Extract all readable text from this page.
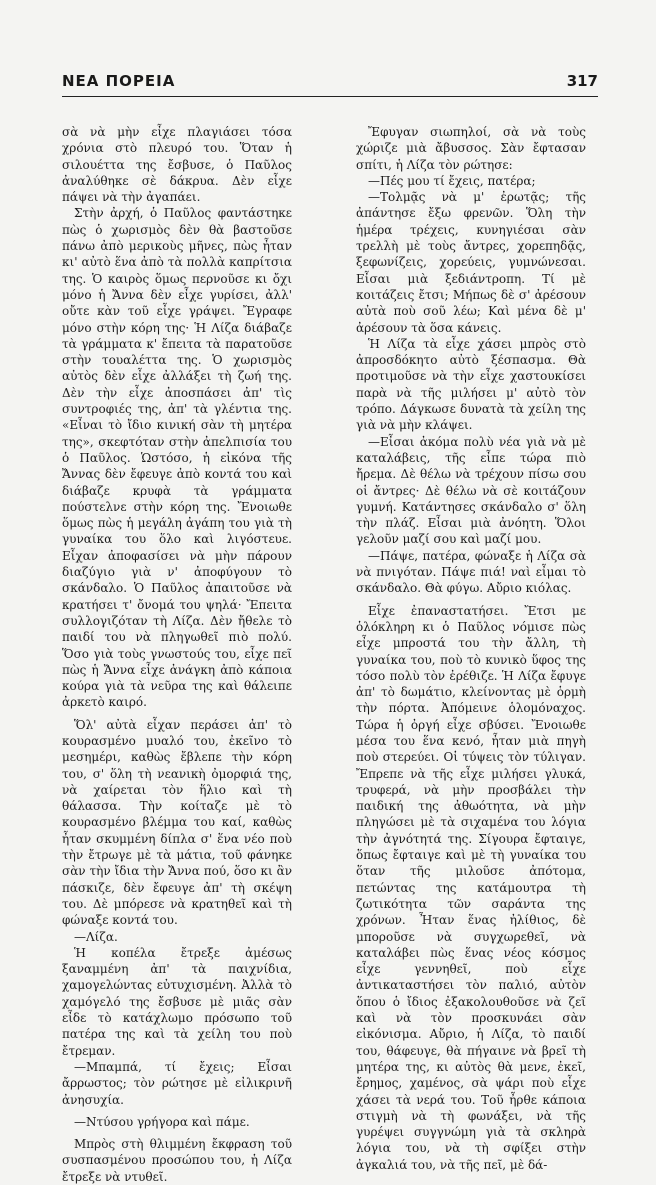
ΝΕΑ ΠΟΡΕΙΑ	317

σὰ νὰ μὴν εἶχε πλαγιάσει τόσα χρόνια στὸ πλευρό του. Ὅταν ἡ σιλουέττα της ἔσβυσε, ὁ Παῦλος ἀναλύθηκε σὲ δάκρυα. Δὲν εἶχε πάψει νὰ τὴν ἀγαπάει.

Στὴν ἀρχή, ὁ Παῦλος φαντάστηκε πὼς ὁ χωρισμὸς δὲν θὰ βαστοῦσε πάνω ἀπὸ μερικοὺς μῆνες, πὼς ἦταν κι' αὐτὸ ἕνα ἀπὸ τὰ πολλὰ καπρίτσια της. Ὁ καιρὸς ὅμως περνοῦσε κι ὄχι μόνο ἡ Ἄννα δὲν εἶχε γυρίσει, ἀλλ' οὔτε κὰν τοῦ εἶχε γράψει. Ἔγραφε μόνο στὴν κόρη της· Ἡ Λίζα διάβαζε τὰ γράμματα κ' ἔπειτα τὰ παρατοῦσε στὴν τουαλέττα της. Ὁ χωρισμὸς αὐτὸς δὲν εἶχε ἀλλάξει τὴ ζωή της. Δὲν τὴν εἶχε ἀποσπάσει ἀπ' τὶς συντροφιές της, ἀπ' τὰ γλέντια της. «Εἶναι τὸ ἴδιο κινική σὰν τὴ μητέρα της», σκεφτόταν στὴν ἀπελπισία του ὁ Παῦλος. Ὡστόσο, ἡ εἰκόνα τῆς Ἄννας δὲν ἔφευγε ἀπὸ κοντά του καὶ διάβαζε κρυφὰ τὰ γράμματα πούστελνε στὴν κόρη της. Ἔνοιωθε ὅμως πὼς ἡ μεγάλη ἀγάπη του γιὰ τὴ γυναίκα του ὅλο καὶ λιγόστευε. Εἶχαν ἀποφασίσει νὰ μὴν πάρουν διαζύγιο γιὰ ν' ἀποφύγουν τὸ σκάνδαλο. Ὁ Παῦλος ἀπαιτοῦσε νὰ κρατήσει τ' ὄνομά του ψηλά· Ἔπειτα συλλογιζόταν τὴ Λίζα. Δὲν ἤθελε τὸ παιδί του νὰ πληγωθεῖ πιὸ πολύ. Ὅσο γιὰ τοὺς γνωστούς του, εἶχε πεῖ πὼς ἡ Ἄννα εἶχε ἀνάγκη ἀπὸ κάποια κούρα γιὰ τὰ νεῦρα της καὶ θάλειπε ἀρκετὸ καιρό.

Ὅλ' αὐτὰ εἶχαν περάσει ἀπ' τὸ κουρασμένο μυαλό του, ἐκεῖνο τὸ μεσημέρι, καθὼς ἔβλεπε τὴν κόρη του, σ' ὅλη τὴ νεανικὴ ὀμορφιά της, νὰ χαίρεται τὸν ἥλιο καὶ τὴ θάλασσα. Τὴν κοίταζε μὲ τὸ κουρασμένο βλέμμα του καί, καθὼς ἦταν σκυμμένη δίπλα σ' ἕνα νέο ποὺ τὴν ἔτρωγε μὲ τὰ μάτια, τοῦ φάνηκε σὰν τὴν ἴδια τὴν Ἄννα πού, ὅσο κι ἂν πάσκιζε, δὲν ἔφευγε ἀπ' τὴ σκέψη του. Δὲ μπόρεσε νὰ κρατηθεῖ καὶ τὴ φώναξε κοντά του.

—Λίζα.

Ἡ κοπέλα ἔτρεξε ἀμέσως ξαναμμένη ἀπ' τὰ παιχνίδια, χαμογελώντας εὐτυχισμένη. Ἀλλὰ τὸ χαμόγελό της ἔσβυσε μὲ μιᾶς σὰν εἶδε τὸ κατάχλωμο πρόσωπο τοῦ πατέρα της καὶ τὰ χείλη του ποὺ ἔτρεμαν.

—Μπαμπά, τί ἔχεις; Εἶσαι ἄρρωστος; τὸν ρώτησε μὲ εἰλικρινῆ ἀνησυχία.

—Ντύσου γρήγορα καὶ πάμε.

Μπρὸς στὴ θλιμμένη ἔκφραση τοῦ συσπασμένου προσώπου του, ἡ Λίζα ἔτρεξε νὰ ντυθεῖ.

Ἔφυγαν σιωπηλοί, σὰ νὰ τοὺς χώριζε μιὰ ἄβυσσος. Σὰν ἔφτασαν σπίτι, ἡ Λίζα τὸν ρώτησε:

—Πές μου τί ἔχεις, πατέρα;

—Τολμᾷς νὰ μ' ἐρωτᾷς; τῆς ἀπάντησε ἔξω φρενῶν. Ὅλη τὴν ἡμέρα τρέχεις, κυνηγιέσαι σὰν τρελλὴ μὲ τοὺς ἄντρες, χορεπηδᾷς, ξεφωνίζεις, χορεύεις, γυμνώνεσαι. Εἶσαι μιὰ ξεδιάντροπη. Τί μὲ κοιτάζεις ἔτσι; Μήπως δὲ σ' ἀρέσουν αὐτὰ ποὺ σοῦ λέω; Καὶ μένα δὲ μ' ἀρέσουν τὰ ὅσα κάνεις.

Ἡ Λίζα τὰ εἶχε χάσει μπρὸς στὸ ἀπροσδόκητο αὐτὸ ξέσπασμα. Θὰ προτιμοῦσε νὰ τὴν εἶχε χαστουκίσει παρὰ νὰ τῆς μιλήσει μ' αὐτὸ τὸν τρόπο. Δάγκωσε δυνατὰ τὰ χείλη της γιὰ νὰ μὴν κλάψει.

—Εἶσαι ἀκόμα πολὺ νέα γιὰ νὰ μὲ καταλάβεις, τῆς εἶπε τώρα πιὸ ἤρεμα. Δὲ θέλω νὰ τρέχουν πίσω σου οἱ ἄντρες· Δὲ θέλω νὰ σὲ κοιτάζουν γυμνή. Κατάντησες σκάνδαλο σ' ὅλη τὴν πλάζ. Εἶσαι μιὰ ἀνόητη. Ὅλοι γελοῦν μαζί σου καὶ μαζί μου.

—Πάψε, πατέρα, φώναξε ἡ Λίζα σὰ νὰ πνιγόταν. Πάψε πιά! ναὶ εἶμαι τὸ σκάνδαλο. Θὰ φύγω. Αὔριο κιόλας.

Εἶχε ἐπαναστατήσει. Ἔτσι με ὁλόκληρη κι ὁ Παῦλος νόμισε πὼς εἶχε μπροστά του τὴν ἄλλη, τὴ γυναίκα του, ποὺ τὸ κυνικὸ ὕφος της τόσο πολὺ τὸν ἐρέθιζε. Ἡ Λίζα ἔφυγε ἀπ' τὸ δωμάτιο, κλείνοντας μὲ ὁρμὴ τὴν πόρτα. Ἀπόμεινε ὁλομόναχος. Τώρα ἡ ὀργή εἶχε σβύσει. Ἔνοιωθε μέσα του ἕνα κενό, ἦταν μιὰ πηγὴ ποὺ στερεύει. Οἱ τύψεις τὸν τύλιγαν. Ἔπρεπε νὰ τῆς εἶχε μιλήσει γλυκά, τρυφερά, νὰ μὴν προσβάλει τὴν παιδική της ἀθωότητα, νὰ μὴν πληγώσει μὲ τὰ σιχαμένα του λόγια τὴν ἀγνότητά της. Σίγουρα ἔφταιγε, ὅπως ἔφταιγε καὶ μὲ τὴ γυναίκα του ὅταν τῆς μιλοῦσε ἀπότομα, πετώντας της κατάμουτρα τὴ ζωτικότητα τῶν σαράντα της χρόνων. Ἦταν ἕνας ἠλίθιος, δὲ μποροῦσε νὰ συγχωρεθεῖ, νὰ καταλάβει πὼς ἕνας νέος κόσμος εἶχε γεννηθεῖ, ποὺ εἶχε ἀντικαταστήσει τὸν παλιό, αὐτὸν ὅπου ὁ ἴδιος ἐξακολουθοῦσε νὰ ζεῖ καὶ νὰ τὸν προσκυνάει σὰν εἰκόνισμα. Αὔριο, ἡ Λίζα, τὸ παιδί του, θάφευγε, θὰ πήγαινε νὰ βρεῖ τὴ μητέρα της, κι αὐτὸς θὰ μενε, ἐκεῖ, ἔρημος, χαμένος, σὰ ψάρι ποὺ εἶχε χάσει τὰ νερά του. Τοῦ ἦρθε κάποια στιγμὴ νὰ τὴ φωνάξει, νὰ τῆς γυρέψει συγγνώμη γιὰ τὰ σκληρὰ λόγια του, νὰ τὴ σφίξει στὴν ἀγκαλιά του, νὰ τῆς πεῖ, μὲ δά-
